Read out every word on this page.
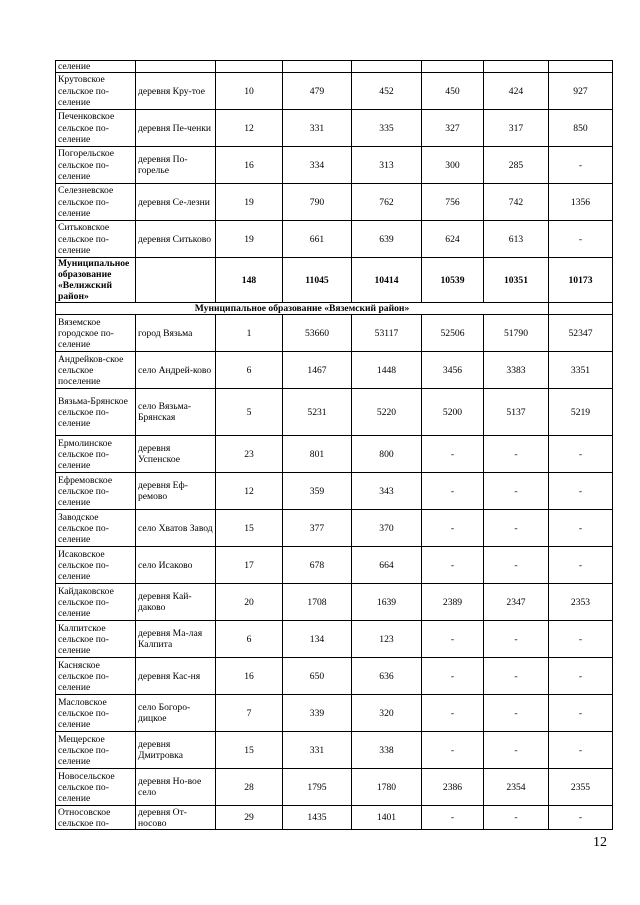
селение							
Крутовское сельское по-селение	деревня Кру-тое	10	479	452	450	424	927
Печенковское сельское по-селение	деревня Пе-ченки	12	331	335	327	317	850
Погорельское сельское по-селение	деревня По-горелье	16	334	313	300	285	-
Селезневское сельское по-селение	деревня Се-лезни	19	790	762	756	742	1356
Ситьковское сельское по-селение	деревня Ситьково	19	661	639	624	613	-
Муниципальное образование «Велижский район»		148	11045	10414	10539	10351	10173
Муниципальное образование «Вяземский район»							
Вяземское городское по-селение	город Вязьма	1	53660	53117	52506	51790	52347
Андрейков-ское сельское поселение	село Андрей-ково	6	1467	1448	3456	3383	3351
Вязьма-Брянское сельское по-селение	село Вязьма-Брянская	5	5231	5220	5200	5137	5219
Ермолинское сельское по-селение	деревня Успенское	23	801	800	-	-	-
Ефремовское сельское по-селение	деревня Еф-ремово	12	359	343	-	-	-
Заводское сельское по-селение	село Хватов Завод	15	377	370	-	-	-
Исаковское сельское по-селение	село Исаково	17	678	664	-	-	-
Кайдаковское сельское по-селение	деревня Кай-даково	20	1708	1639	2389	2347	2353
Калпитское сельское по-селение	деревня Ма-лая Калпита	6	134	123	-	-	-
Касняское сельское по-селение	деревня Кас-ня	16	650	636	-	-	-
Масловское сельское по-селение	село Богоро-дицкое	7	339	320	-	-	-
Мещерское сельское по-селение	деревня Дмитровка	15	331	338	-	-	-
Новосельское сельское по-селение	деревня Но-вое село	28	1795	1780	2386	2354	2355
Относовское сельское по-	деревня От-носово	29	1435	1401	-	-	-
12
